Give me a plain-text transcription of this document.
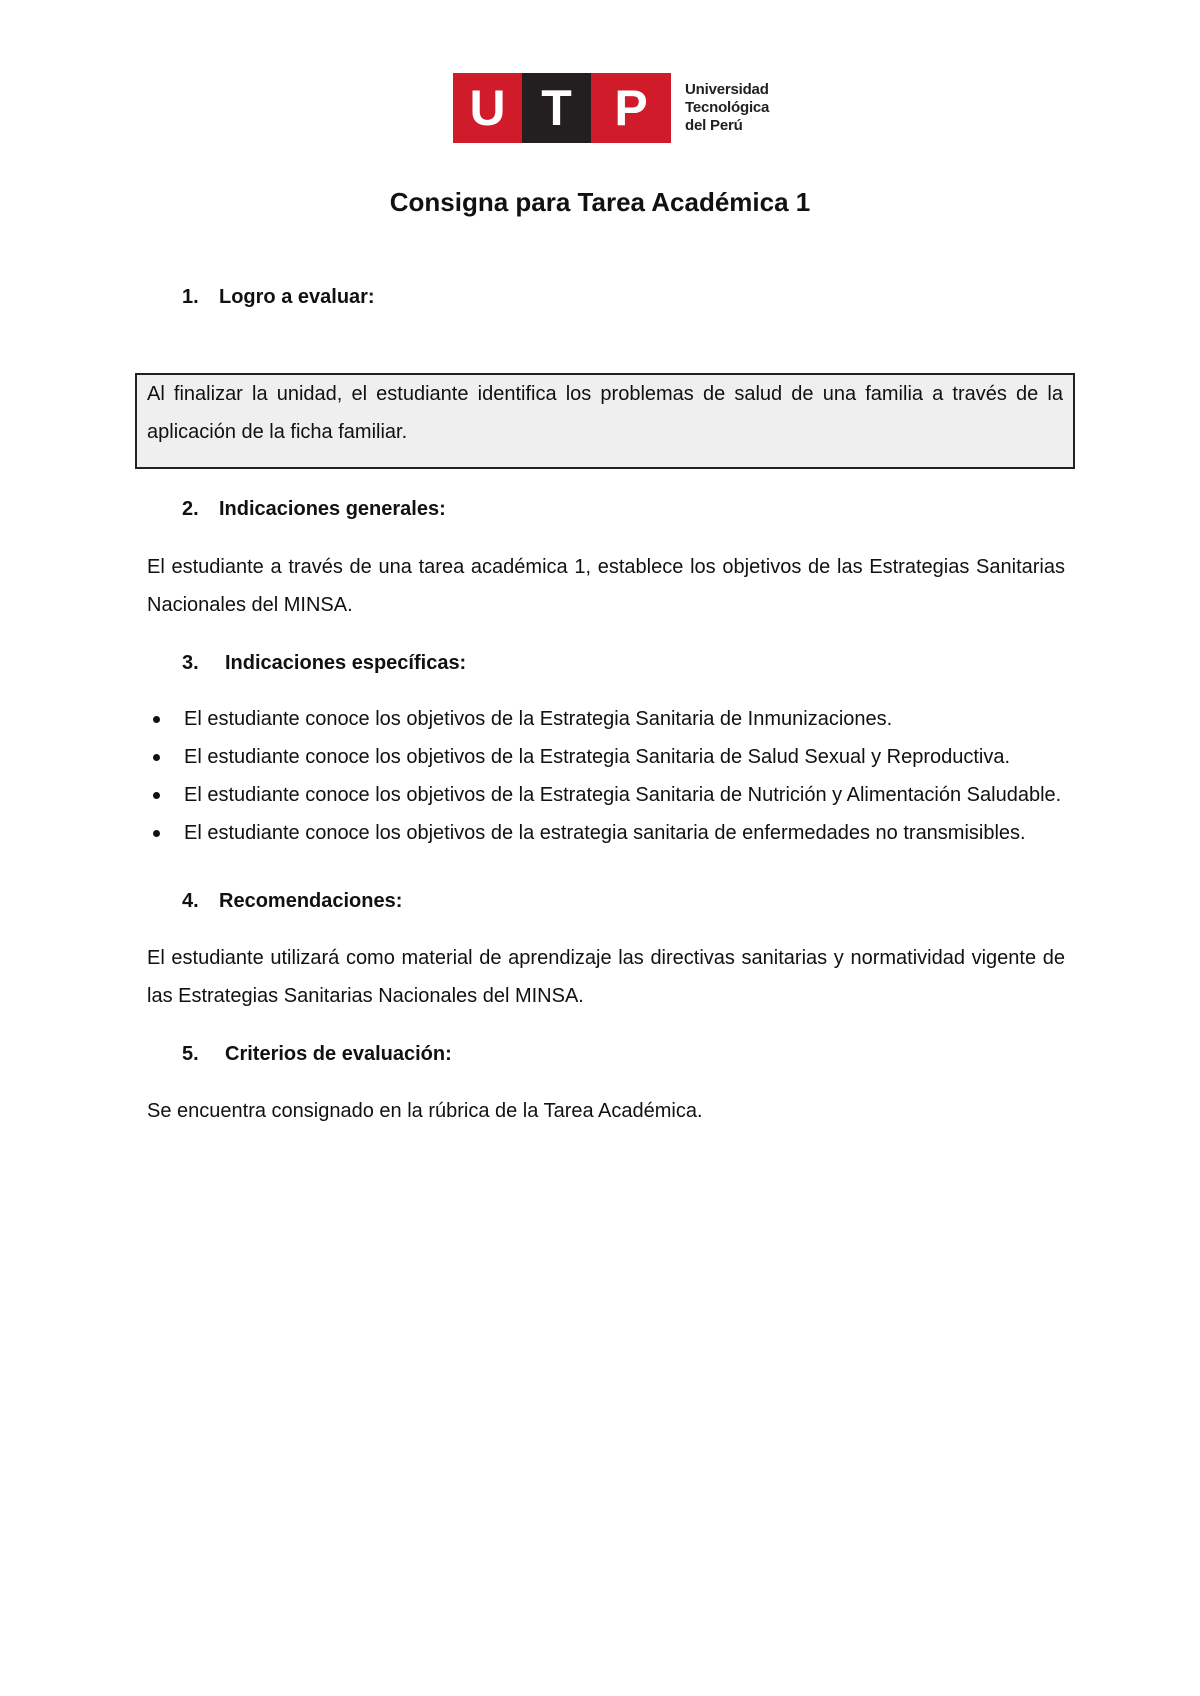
U T P	Universidad
Tecnológica
del Perú
Consigna para Tarea Académica 1
1.	Logro a evaluar:

Al finalizar la unidad, el estudiante identifica los problemas de salud de una familia a través de la aplicación de la ficha familiar.

2.	Indicaciones generales:

El estudiante a través de una tarea académica 1, establece los objetivos de las Estrategias Sanitarias Nacionales del MINSA.

3.	Indicaciones específicas:
El estudiante conoce los objetivos de la Estrategia Sanitaria de Inmunizaciones.
El estudiante conoce los objetivos de la Estrategia Sanitaria de Salud Sexual y Reproductiva.
El estudiante conoce los objetivos de la Estrategia Sanitaria de Nutrición y Alimentación Saludable.
El estudiante conoce los objetivos de la estrategia sanitaria de enfermedades no transmisibles.
4.	Recomendaciones:

El estudiante utilizará como material de aprendizaje las directivas sanitarias y normatividad vigente de las Estrategias Sanitarias Nacionales del MINSA.

5.	Criterios de evaluación:

Se encuentra consignado en la rúbrica de la Tarea Académica.
